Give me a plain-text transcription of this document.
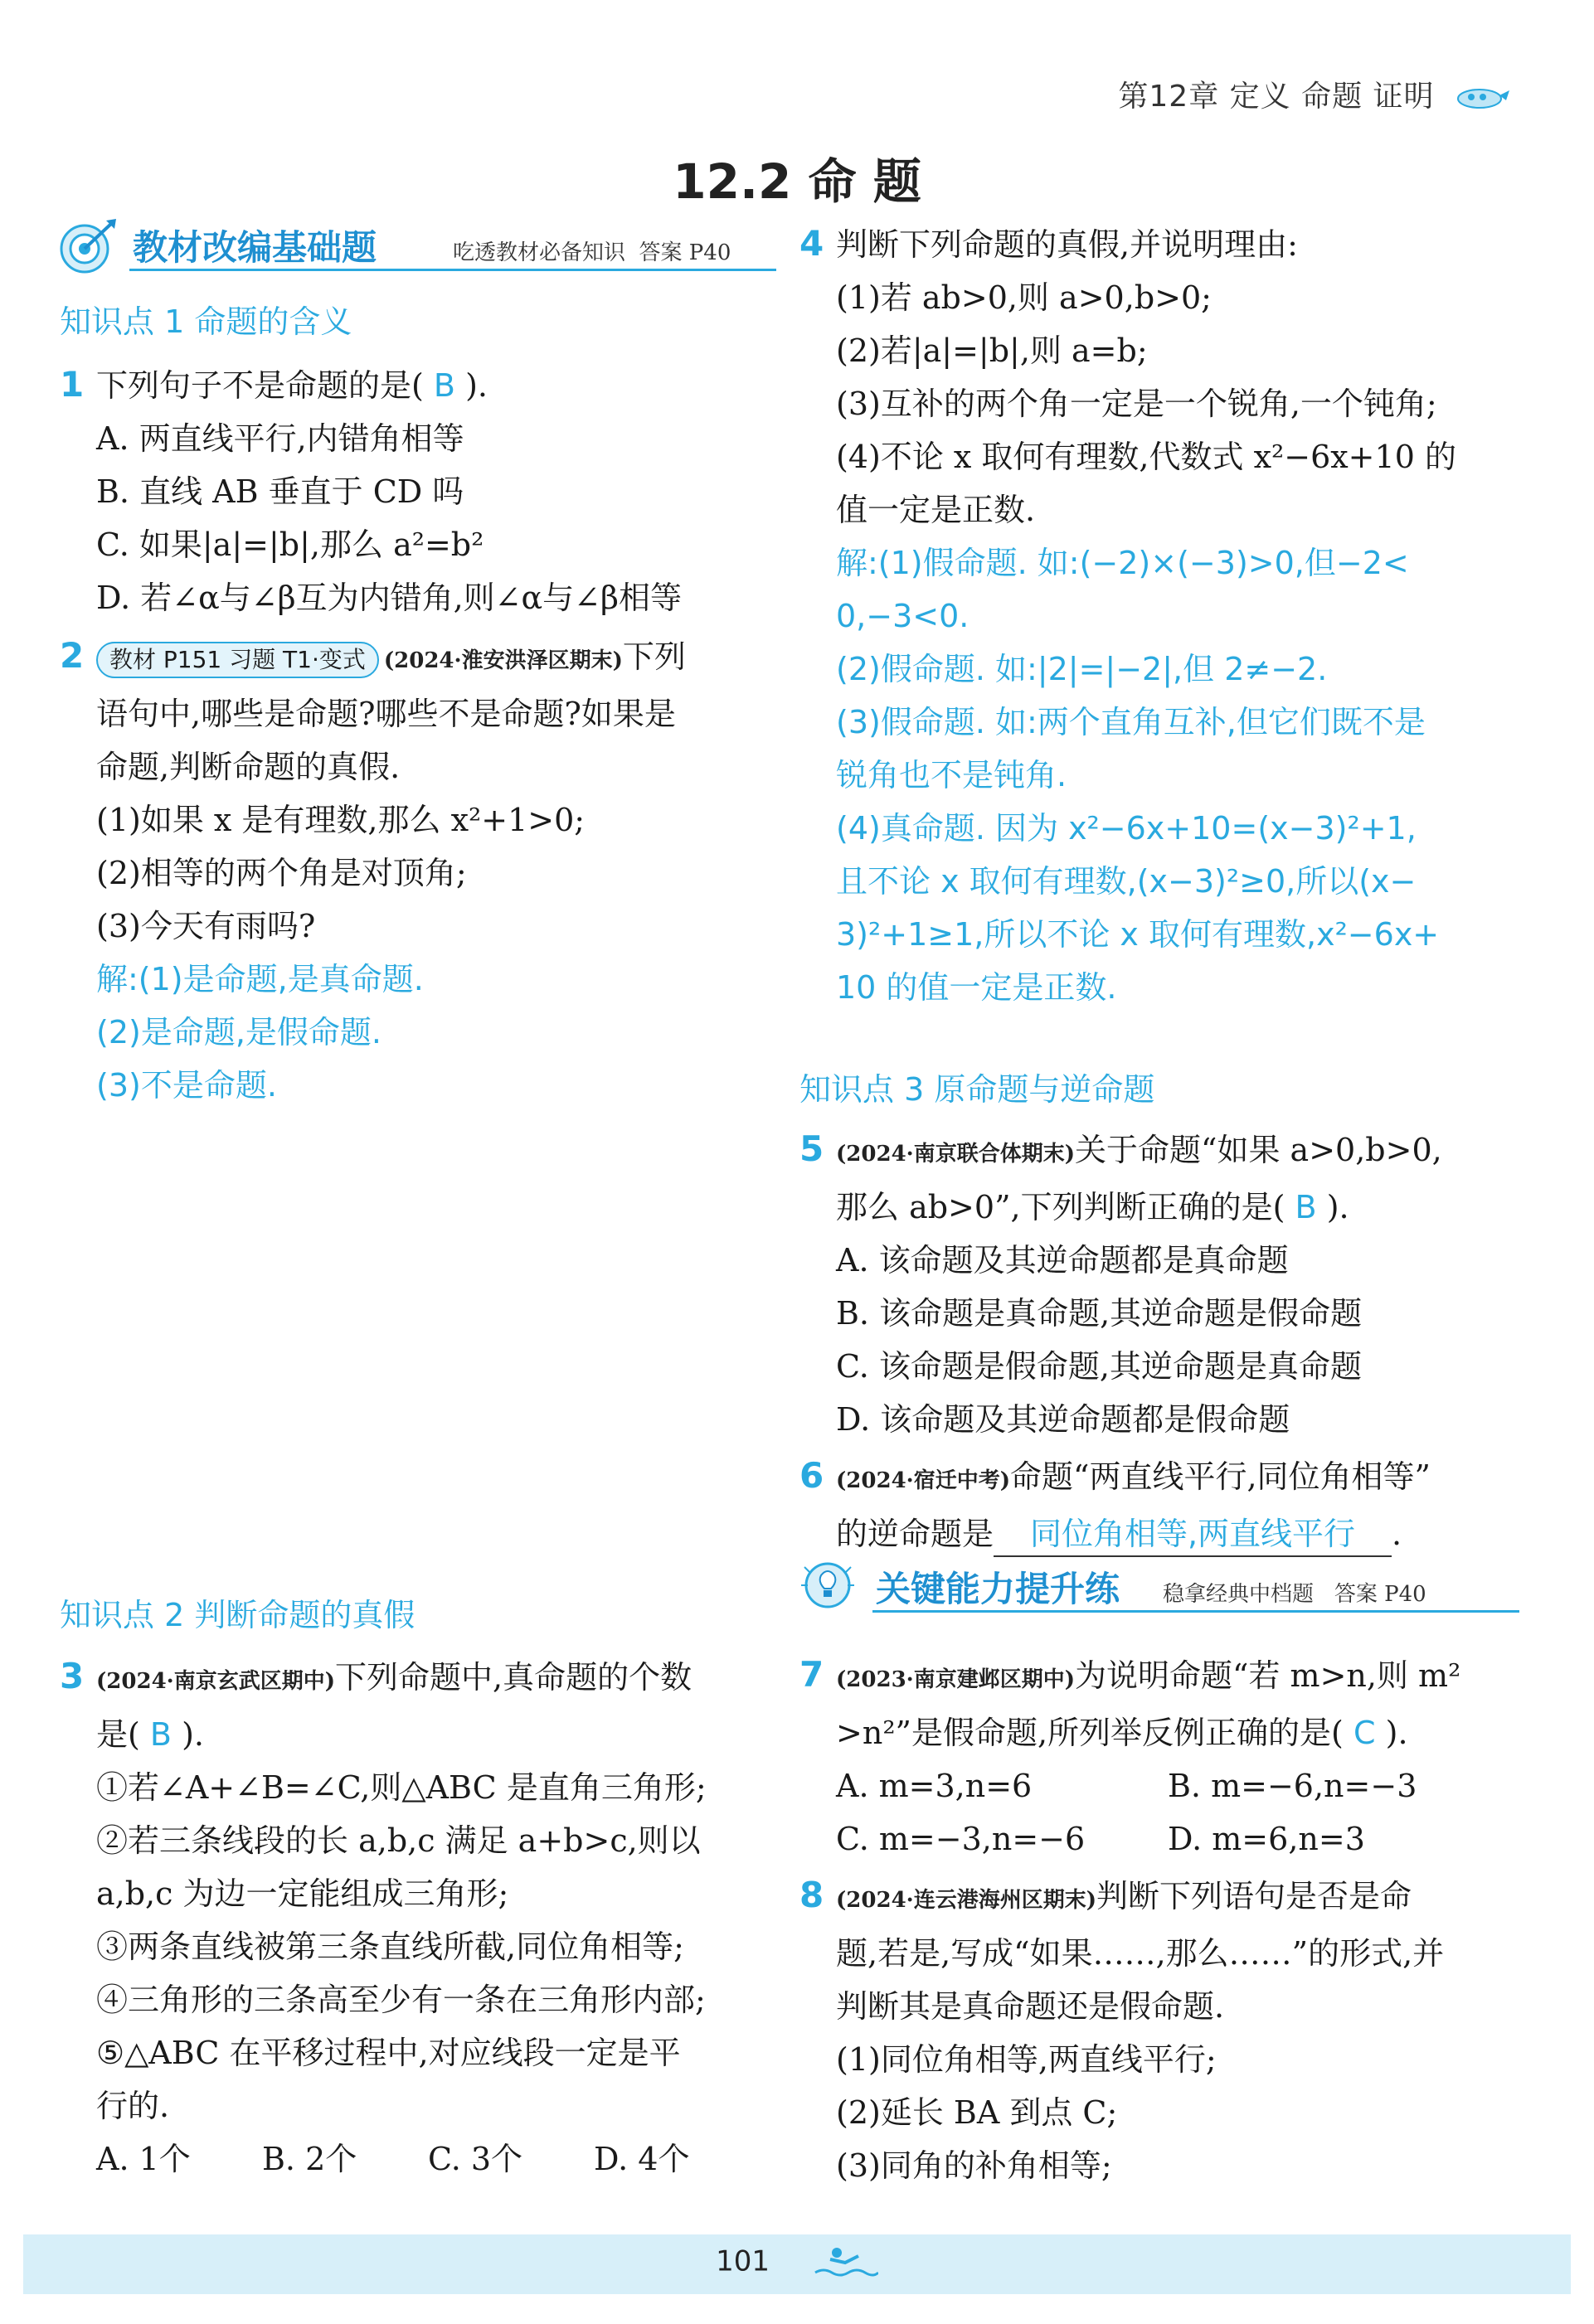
第12章 定义 命题 证明
12.2 命 题
教材改编基础题	吃透教材必备知识 答案 P40
知识点 1 命题的含义
1 下列句子不是命题的是( B ).
A. 两直线平行,内错角相等
B. 直线 AB 垂直于 CD 吗
C. 如果|a|=|b|,那么 a²=b²
D. 若∠α与∠β互为内错角,则∠α与∠β相等
2 教材 P151 习题 T1·变式 (2024·淮安洪泽区期末)下列
语句中,哪些是命题?哪些不是命题?如果是
命题,判断命题的真假.
(1)如果 x 是有理数,那么 x²+1>0;
(2)相等的两个角是对顶角;
(3)今天有雨吗?
解:(1)是命题,是真命题.
(2)是命题,是假命题.
(3)不是命题.
知识点 2 判断命题的真假
3 (2024·南京玄武区期中)下列命题中,真命题的个数
是( B ).
①若∠A+∠B=∠C,则△ABC 是直角三角形;
②若三条线段的长 a,b,c 满足 a+b>c,则以
a,b,c 为边一定能组成三角形;
③两条直线被第三条直线所截,同位角相等;
④三角形的三条高至少有一条在三角形内部;
⑤△ABC 在平移过程中,对应线段一定是平
行的.
A. 1个 B. 2个 C. 3个 D. 4个
4 判断下列命题的真假,并说明理由:
(1)若 ab>0,则 a>0,b>0;
(2)若|a|=|b|,则 a=b;
(3)互补的两个角一定是一个锐角,一个钝角;
(4)不论 x 取何有理数,代数式 x²−6x+10 的
值一定是正数.
解:(1)假命题. 如:(−2)×(−3)>0,但−2<
0,−3<0.
(2)假命题. 如:|2|=|−2|,但 2≠−2.
(3)假命题. 如:两个直角互补,但它们既不是
锐角也不是钝角.
(4)真命题. 因为 x²−6x+10=(x−3)²+1,
且不论 x 取何有理数,(x−3)²≥0,所以(x−
3)²+1≥1,所以不论 x 取何有理数,x²−6x+
10 的值一定是正数.
知识点 3 原命题与逆命题
5 (2024·南京联合体期末)关于命题“如果 a>0,b>0,
那么 ab>0”,下列判断正确的是( B ).
A. 该命题及其逆命题都是真命题
B. 该命题是真命题,其逆命题是假命题
C. 该命题是假命题,其逆命题是真命题
D. 该命题及其逆命题都是假命题
6 (2024·宿迁中考)命题“两直线平行,同位角相等”
的逆命题是 同位角相等,两直线平行 .
关键能力提升练 稳拿经典中档题 答案 P40
7 (2023·南京建邺区期中)为说明命题“若 m>n,则 m²
>n²”是假命题,所列举反例正确的是( C ).
A. m=3,n=6	B. m=−6,n=−3
C. m=−3,n=−6	D. m=6,n=3
8 (2024·连云港海州区期末)判断下列语句是否是命
题,若是,写成“如果……,那么……”的形式,并
判断其是真命题还是假命题.
(1)同位角相等,两直线平行;
(2)延长 BA 到点 C;
(3)同角的补角相等;
101
